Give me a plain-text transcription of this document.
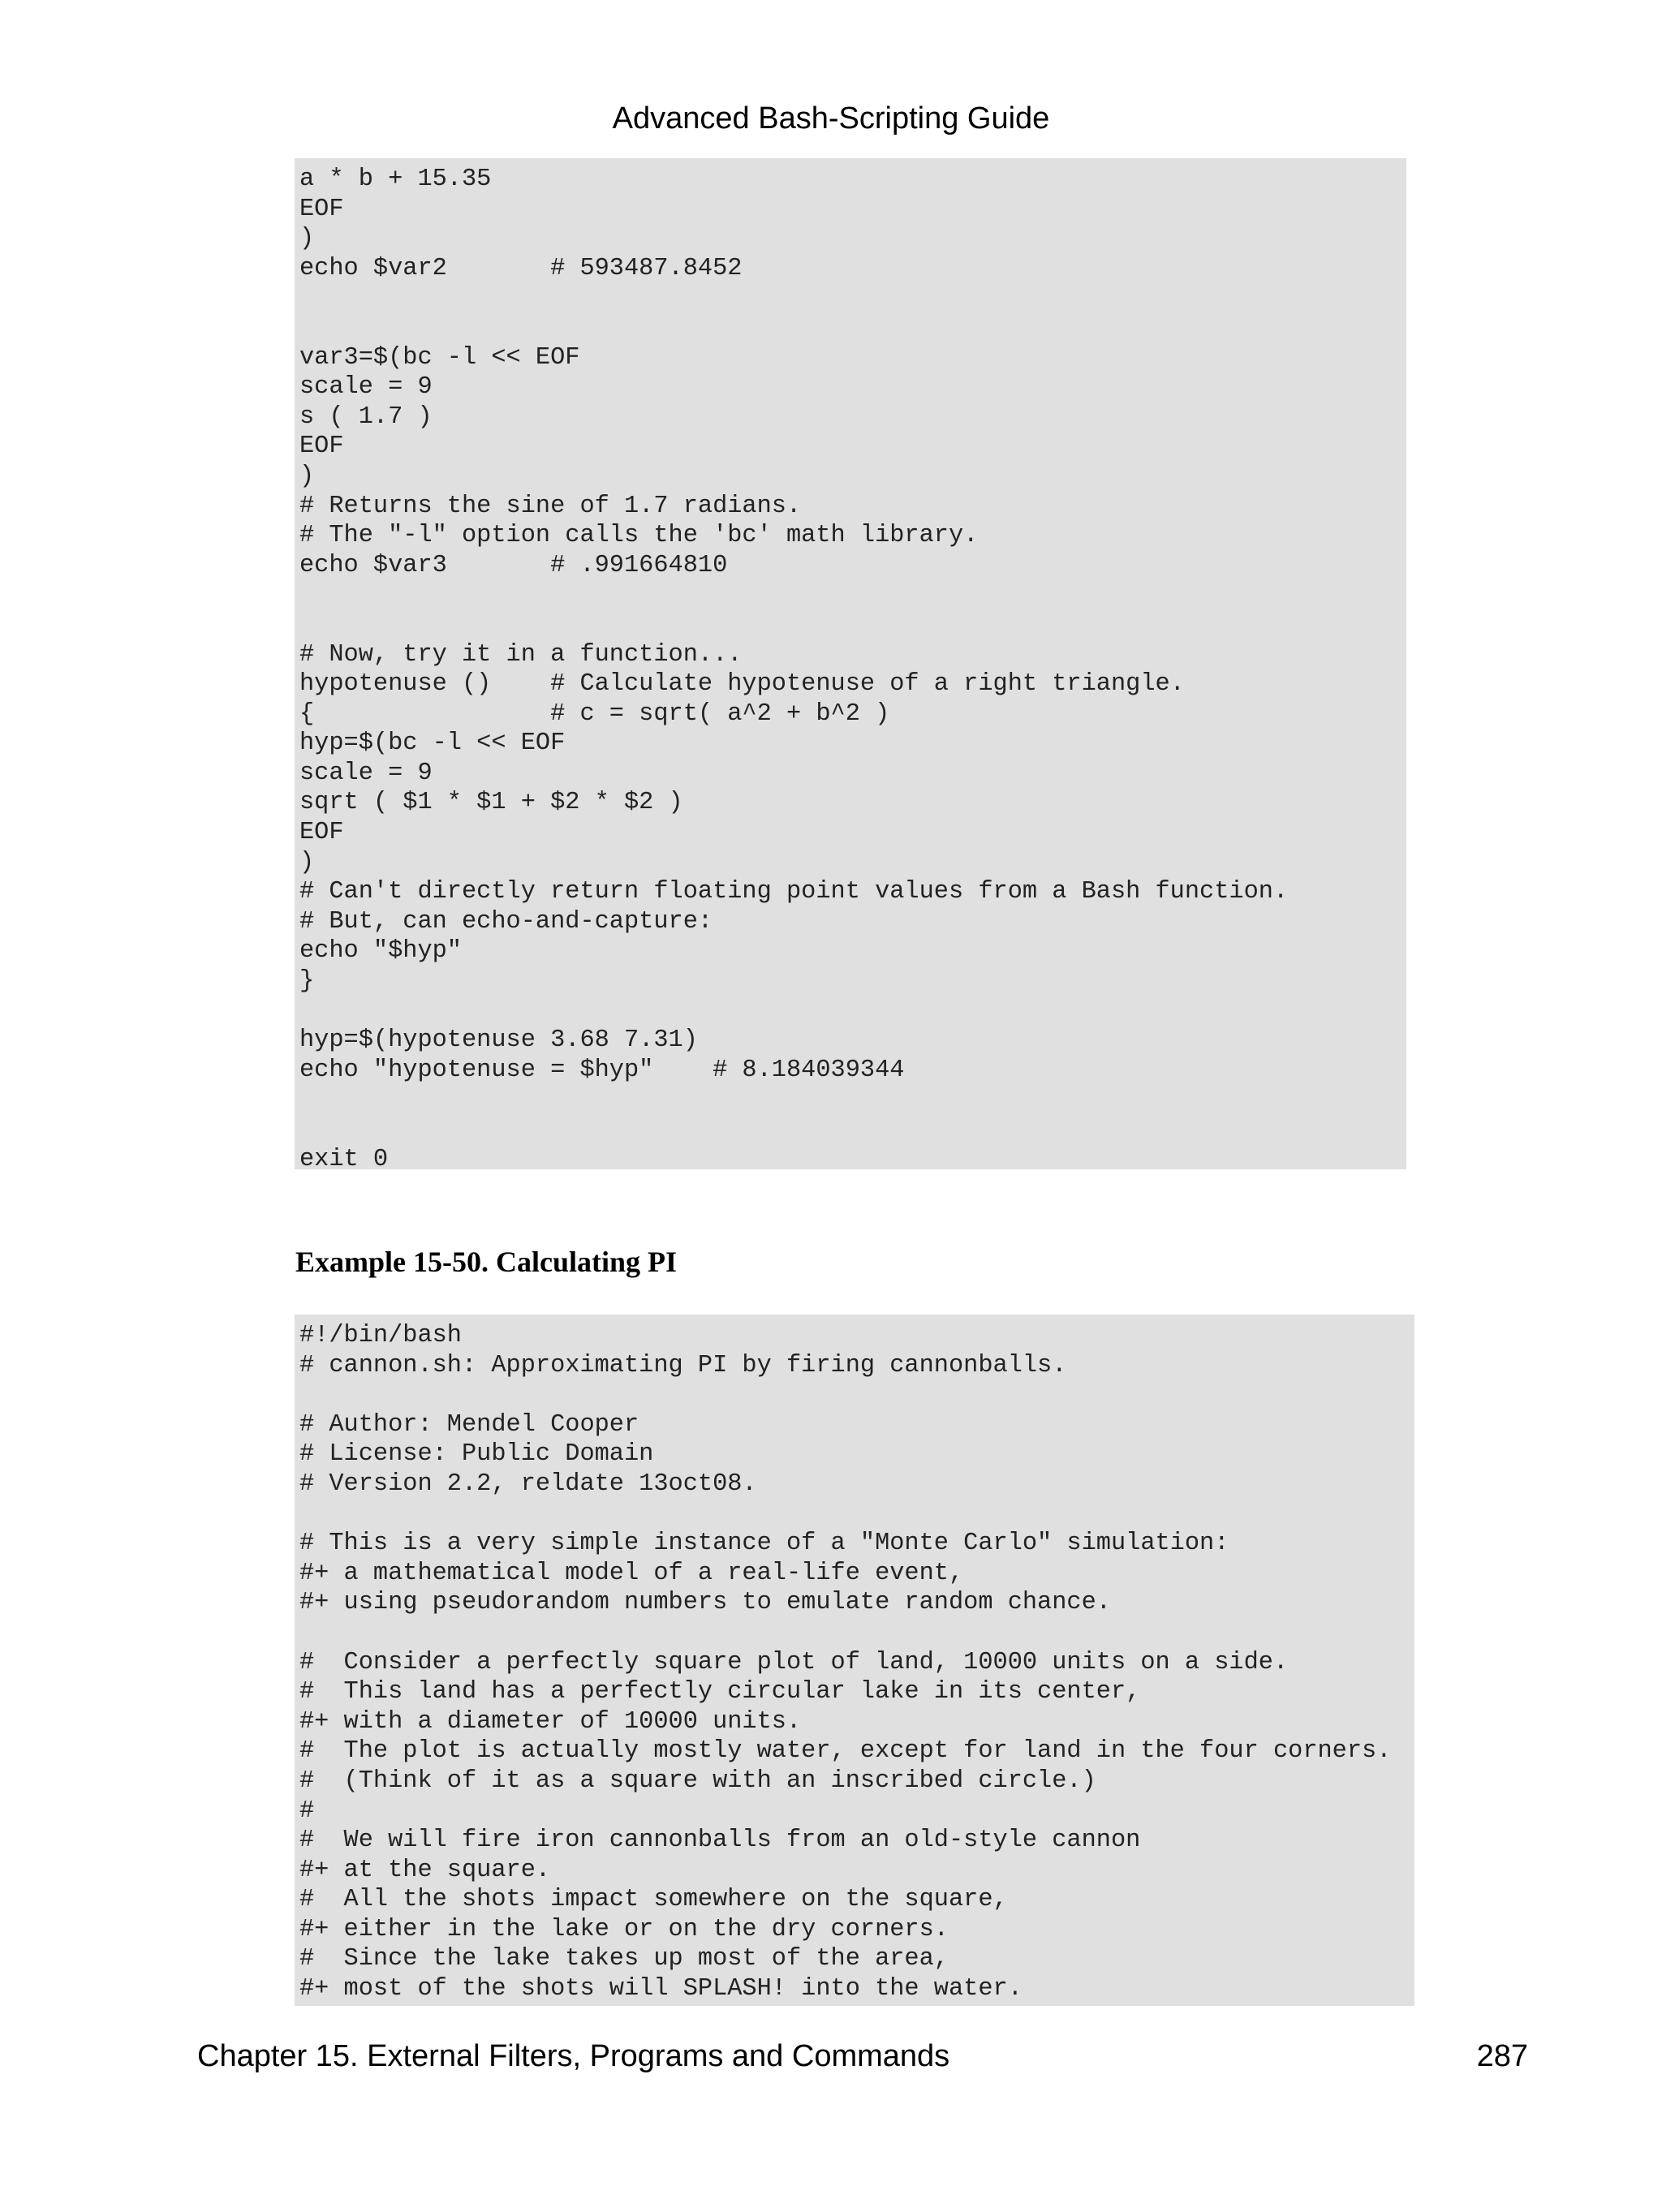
Advanced Bash-Scripting Guide
a * b + 15.35
EOF
)
echo $var2       # 593487.8452

var3=$(bc -l << EOF
scale = 9
s ( 1.7 )
EOF
)
# Returns the sine of 1.7 radians.
# The "-l" option calls the 'bc' math library.
echo $var3       # .991664810

# Now, try it in a function...
hypotenuse ()    # Calculate hypotenuse of a right triangle.
{                # c = sqrt( a^2 + b^2 )
hyp=$(bc -l << EOF
scale = 9
sqrt ( $1 * $1 + $2 * $2 )
EOF
)
# Can't directly return floating point values from a Bash function.
# But, can echo-and-capture:
echo "$hyp"
}

hyp=$(hypotenuse 3.68 7.31)
echo "hypotenuse = $hyp"    # 8.184039344

exit 0
Example 15-50. Calculating PI
#!/bin/bash
# cannon.sh: Approximating PI by firing cannonballs.

# Author: Mendel Cooper
# License: Public Domain
# Version 2.2, reldate 13oct08.

# This is a very simple instance of a "Monte Carlo" simulation:
#+ a mathematical model of a real-life event,
#+ using pseudorandom numbers to emulate random chance.

#  Consider a perfectly square plot of land, 10000 units on a side.
#  This land has a perfectly circular lake in its center,
#+ with a diameter of 10000 units.
#  The plot is actually mostly water, except for land in the four corners.
#  (Think of it as a square with an inscribed circle.)
#
#  We will fire iron cannonballs from an old-style cannon
#+ at the square.
#  All the shots impact somewhere on the square,
#+ either in the lake or on the dry corners.
#  Since the lake takes up most of the area,
#+ most of the shots will SPLASH! into the water.
Chapter 15. External Filters, Programs and Commands	287
